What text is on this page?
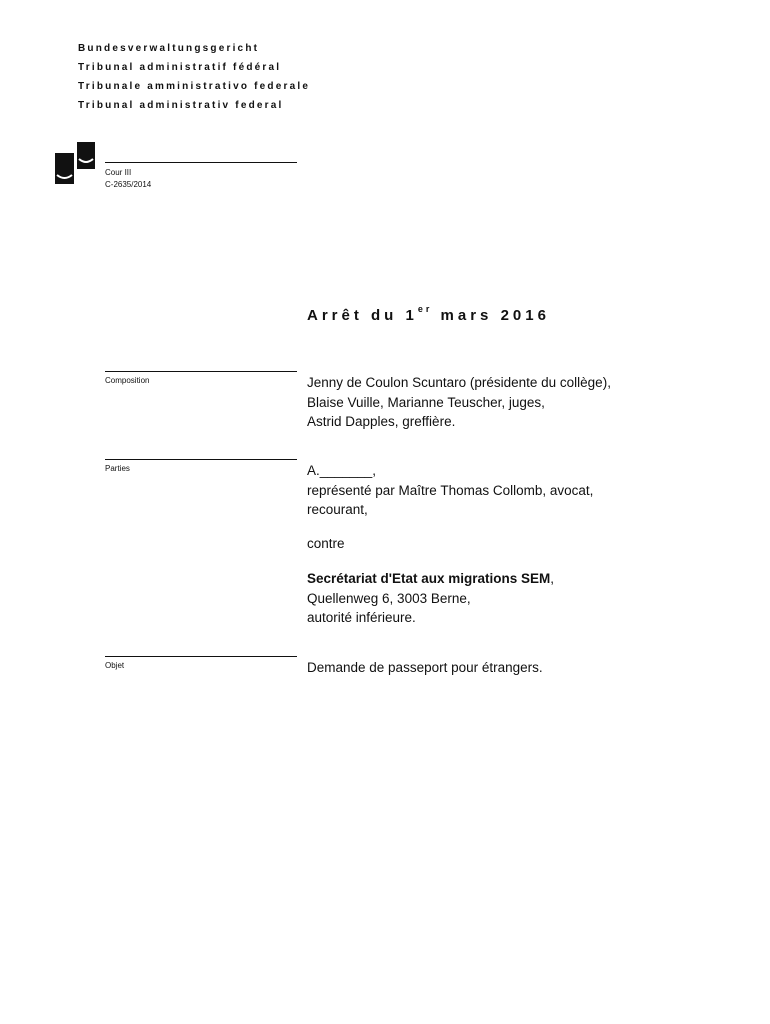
Bundesverwaltungsgericht
Tribunal administratif fédéral
Tribunale amministrativo federale
Tribunal administrativ federal
Cour III
C-2635/2014
Arrêt du 1er mars 2016
Composition	Jenny de Coulon Scuntaro (présidente du collège),
Blaise Vuille, Marianne Teuscher, juges,
Astrid Dapples, greffière.
Parties	A._______,
représenté par Maître Thomas Collomb, avocat,
recourant,
contre
Secrétariat d'Etat aux migrations SEM,
Quellenweg 6, 3003 Berne,
autorité inférieure.
Objet	Demande de passeport pour étrangers.
